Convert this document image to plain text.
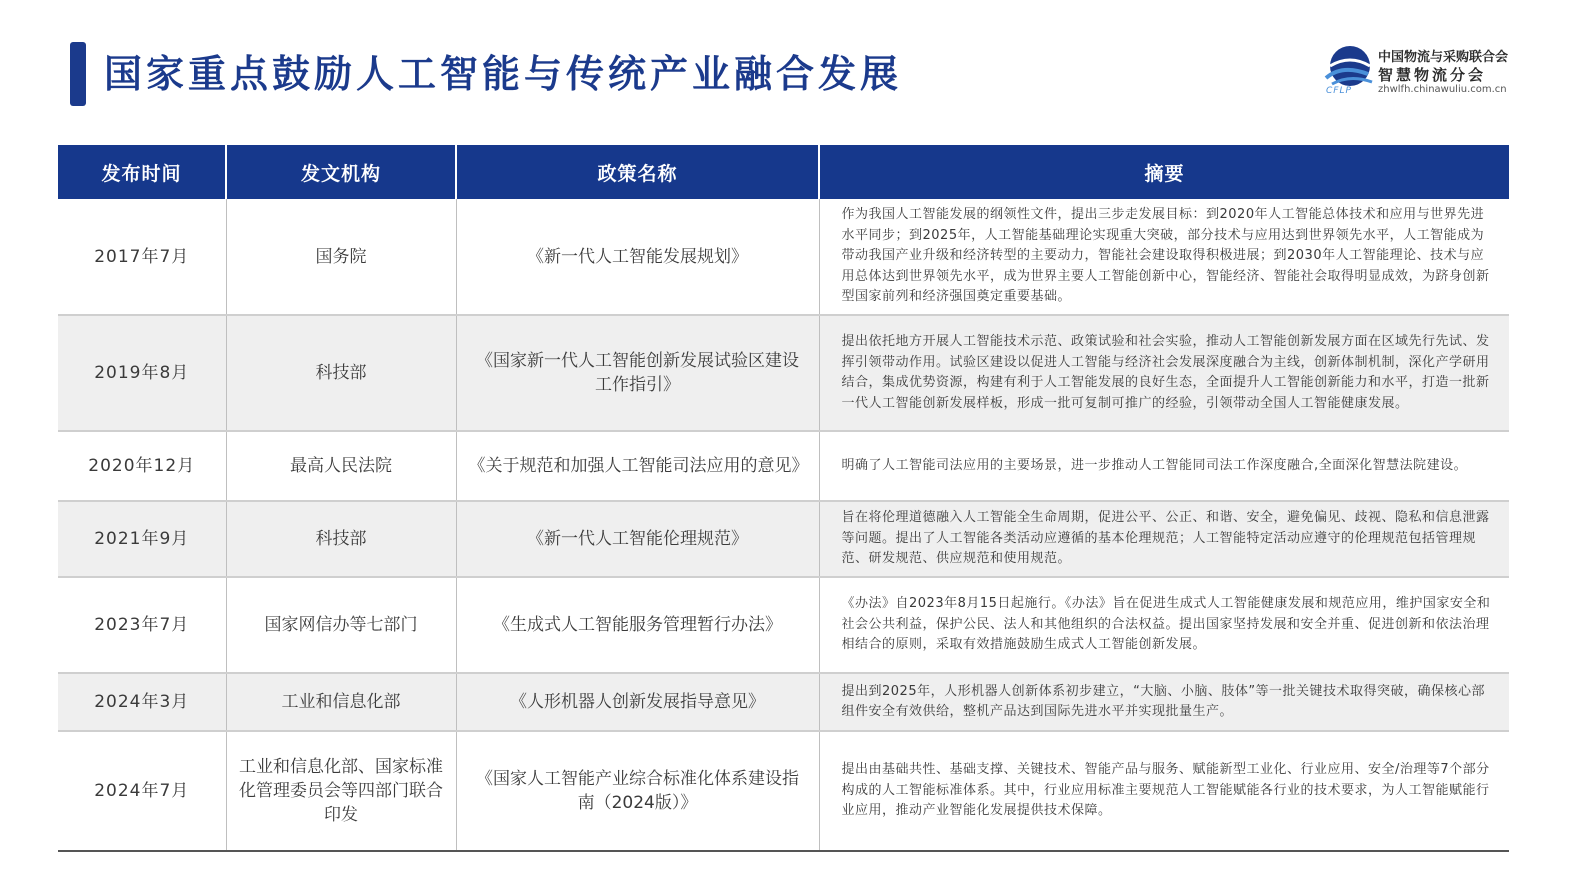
国家重点鼓励人工智能与传统产业融合发展	CFLP
中国物流与采购联合会
智慧物流分会
zhwlfh.chinawuliu.com.cn
发布时间	发文机构	政策名称	摘要
2017年7月	国务院	《新一代人工智能发展规划》	作为我国人工智能发展的纲领性文件，提出三步走发展目标：到2020年人工智能总体技术和应用与世界先进水平同步；到2025年，人工智能基础理论实现重大突破，部分技术与应用达到世界领先水平，人工智能成为带动我国产业升级和经济转型的主要动力，智能社会建设取得积极进展；到2030年人工智能理论、技术与应用总体达到世界领先水平，成为世界主要人工智能创新中心，智能经济、智能社会取得明显成效，为跻身创新型国家前列和经济强国奠定重要基础。
2019年8月	科技部	《国家新一代人工智能创新发展试验区建设工作指引》	提出依托地方开展人工智能技术示范、政策试验和社会实验，推动人工智能创新发展方面在区域先行先试、发挥引领带动作用。试验区建设以促进人工智能与经济社会发展深度融合为主线，创新体制机制，深化产学研用结合，集成优势资源，构建有利于人工智能发展的良好生态，全面提升人工智能创新能力和水平，打造一批新一代人工智能创新发展样板，形成一批可复制可推广的经验，引领带动全国人工智能健康发展。
2020年12月	最高人民法院	《关于规范和加强人工智能司法应用的意见》	明确了人工智能司法应用的主要场景，进一步推动人工智能同司法工作深度融合,全面深化智慧法院建设。
2021年9月	科技部	《新一代人工智能伦理规范》	旨在将伦理道德融入人工智能全生命周期，促进公平、公正、和谐、安全，避免偏见、歧视、隐私和信息泄露等问题。提出了人工智能各类活动应遵循的基本伦理规范；人工智能特定活动应遵守的伦理规范包括管理规范、研发规范、供应规范和使用规范。
2023年7月	国家网信办等七部门	《生成式人工智能服务管理暂行办法》	《办法》自2023年8月15日起施行。《办法》旨在促进生成式人工智能健康发展和规范应用，维护国家安全和社会公共利益，保护公民、法人和其他组织的合法权益。提出国家坚持发展和安全并重、促进创新和依法治理相结合的原则，采取有效措施鼓励生成式人工智能创新发展。
2024年3月	工业和信息化部	《人形机器人创新发展指导意见》	提出到2025年，人形机器人创新体系初步建立，“大脑、小脑、肢体”等一批关键技术取得突破，确保核心部组件安全有效供给，整机产品达到国际先进水平并实现批量生产。
2024年7月	工业和信息化部、国家标准化管理委员会等四部门联合印发	《国家人工智能产业综合标准化体系建设指南（2024版）》	提出由基础共性、基础支撑、关键技术、智能产品与服务、赋能新型工业化、行业应用、安全/治理等7个部分构成的人工智能标准体系。其中，行业应用标准主要规范人工智能赋能各行业的技术要求，为人工智能赋能行业应用，推动产业智能化发展提供技术保障。
